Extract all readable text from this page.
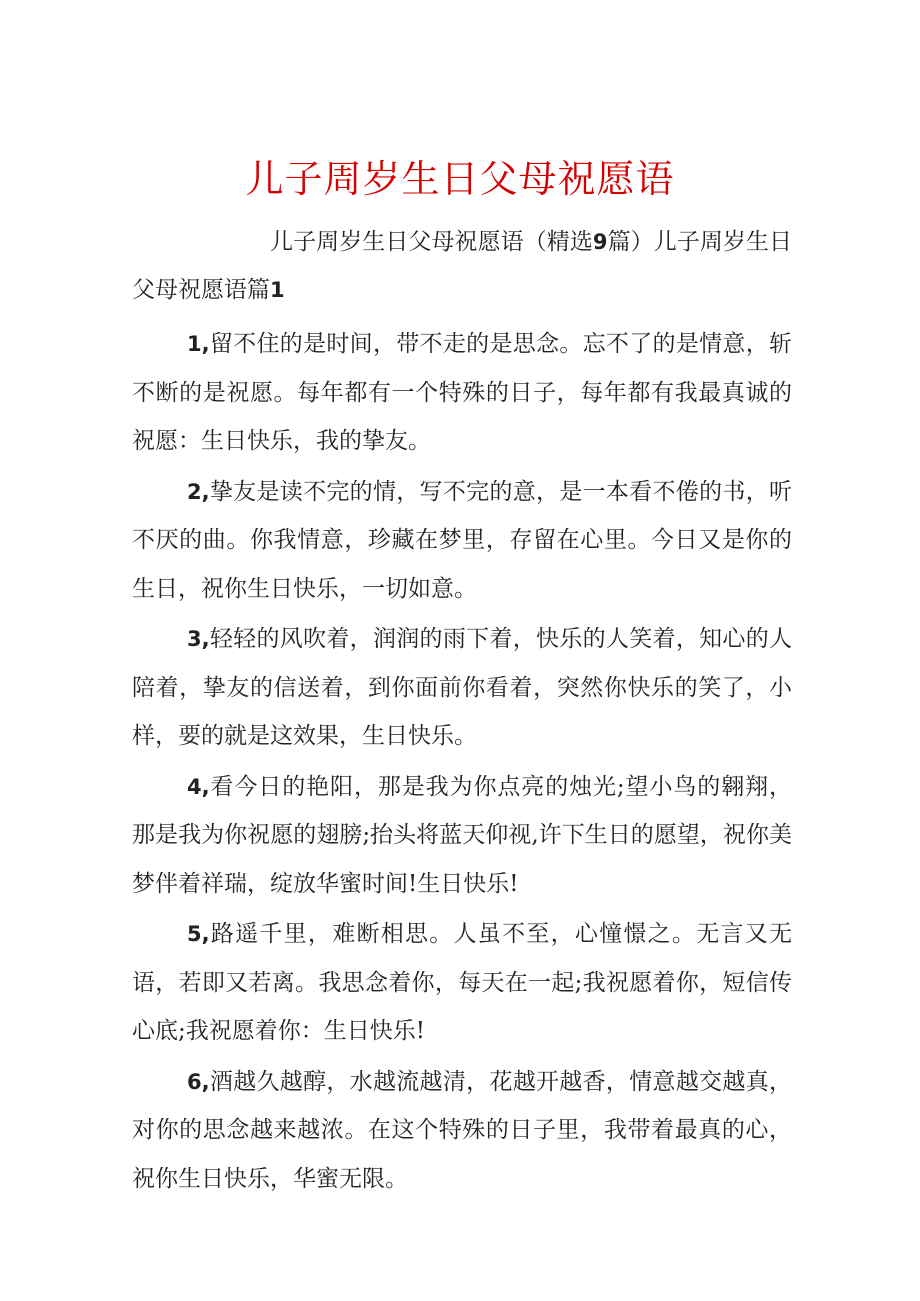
儿子周岁生日父母祝愿语

儿子周岁生日父母祝愿语（精选9篇）儿子周岁生日父母祝愿语篇1

1,留不住的是时间，带不走的是思念。忘不了的是情意，斩不断的是祝愿。每年都有一个特殊的日子，每年都有我最真诚的祝愿：生日快乐，我的挚友。

2,挚友是读不完的情，写不完的意，是一本看不倦的书，听不厌的曲。你我情意，珍藏在梦里，存留在心里。今日又是你的生日，祝你生日快乐，一切如意。

3,轻轻的风吹着，润润的雨下着，快乐的人笑着，知心的人陪着，挚友的信送着，到你面前你看着，突然你快乐的笑了，小样，要的就是这效果，生日快乐。

4,看今日的艳阳，那是我为你点亮的烛光;望小鸟的翱翔，那是我为你祝愿的翅膀;抬头将蓝天仰视,许下生日的愿望，祝你美梦伴着祥瑞，绽放华蜜时间!生日快乐!

5,路遥千里，难断相思。人虽不至，心憧憬之。无言又无语，若即又若离。我思念着你，每天在一起;我祝愿着你，短信传心底;我祝愿着你：生日快乐!

6,酒越久越醇，水越流越清，花越开越香，情意越交越真，对你的思念越来越浓。在这个特殊的日子里，我带着最真的心，祝你生日快乐，华蜜无限。
